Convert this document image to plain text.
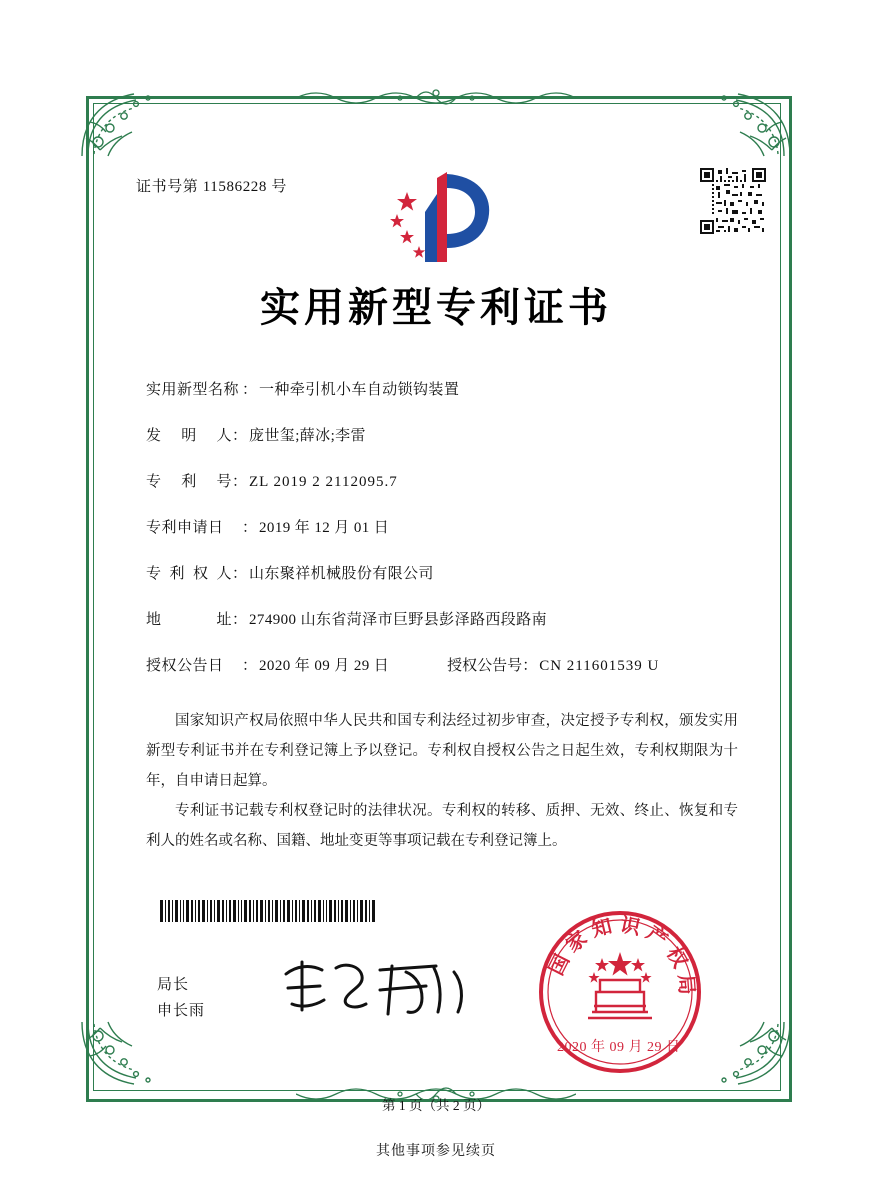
证书号第 11586228 号
实用新型专利证书
实用新型名称 ： 一种牵引机小车自动锁钩装置
发明人 ： 庞世玺;薛冰;李雷
专利号 ： ZL 2019 2 2112095.7
专利申请日	： 2019 年 12 月 01 日
专利权人 ： 山东聚祥机械股份有限公司
地址 ： 274900 山东省菏泽市巨野县彭泽路西段路南
授权公告日	： 2020 年 09 月 29 日	授权公告号 ： CN 211601539 U

国家知识产权局依照中华人民共和国专利法经过初步审查，决定授予专利权，颁发实用新型专利证书并在专利登记簿上予以登记。专利权自授权公告之日起生效，专利权期限为十年，自申请日起算。

专利证书记载专利权登记时的法律状况。专利权的转移、质押、无效、终止、恢复和专利人的姓名或名称、国籍、地址变更等事项记载在专利登记簿上。

局长
申长雨
国家知识产权局
2020 年 09 月 29 日
第 1 页（共 2 页）
其他事项参见续页
